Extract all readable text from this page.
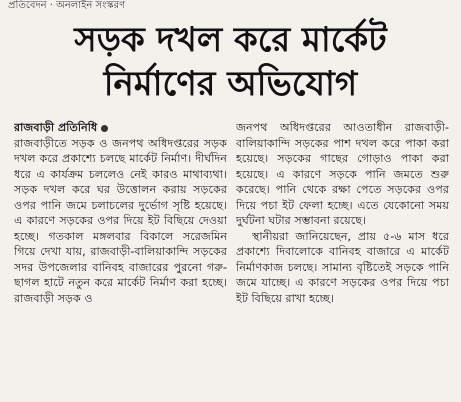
প্রতিবেদন · অনলাইন সংস্করণ
সড়ক দখল করে মার্কেট
নির্মাণের অভিযোগ

রাজবাড়ী প্রতিনিধি

রাজবাড়ীতে সড়ক ও জনপথ অধিদপ্তরের সড়ক দখল করে প্রকাশ্যে চলছে মার্কেট নির্মাণ। দীর্ঘদিন ধরে এ কার্যক্রম চললেও নেই কারও মাথাব্যথা। সড়ক দখল করে ঘর উত্তোলন করায় সড়কের ওপর পানি জমে চলাচলের দুর্ভোগ সৃষ্টি হয়েছে। এ কারণে সড়কের ওপর দিয়ে ইট বিছিয়ে দেওয়া হচ্ছে। গতকাল মঙ্গলবার বিকালে সরেজমিন গিয়ে দেখা যায়, রাজবাড়ী-বালিয়াকান্দি সড়কের সদর উপজেলার বানিবহ বাজারের পুরনো গরু-ছাগল হাটে নতুন করে মার্কেট নির্মাণ করা হচ্ছে। রাজবাড়ী সড়ক ও

জনপথ অধিদপ্তরের আওতাধীন রাজবাড়ী-বালিয়াকান্দি সড়কের পাশ দখল করে পাকা করা হয়েছে। সড়কের গাছের গোড়াও পাকা করা হয়েছে। এ কারণে সড়কে পানি জমতে শুরু করেছে। পানি থেকে রক্ষা পেতে সড়কের ওপর দিয়ে পচা ইট ফেলা হচ্ছে। এতে যেকোনো সময় দুর্ঘটনা ঘটার সম্ভাবনা রয়েছে।

স্থানীয়রা জানিয়েছেন, প্রায় ৫-৬ মাস ধরে প্রকাশ্যে দিবালোকে বানিবহ বাজারে এ মার্কেট নির্মাণকাজ চলছে। সামান্য বৃষ্টিতেই সড়কে পানি জমে যাচ্ছে। এ কারণে সড়কের ওপর দিয়ে পচা ইট বিছিয়ে রাখা হচ্ছে।
